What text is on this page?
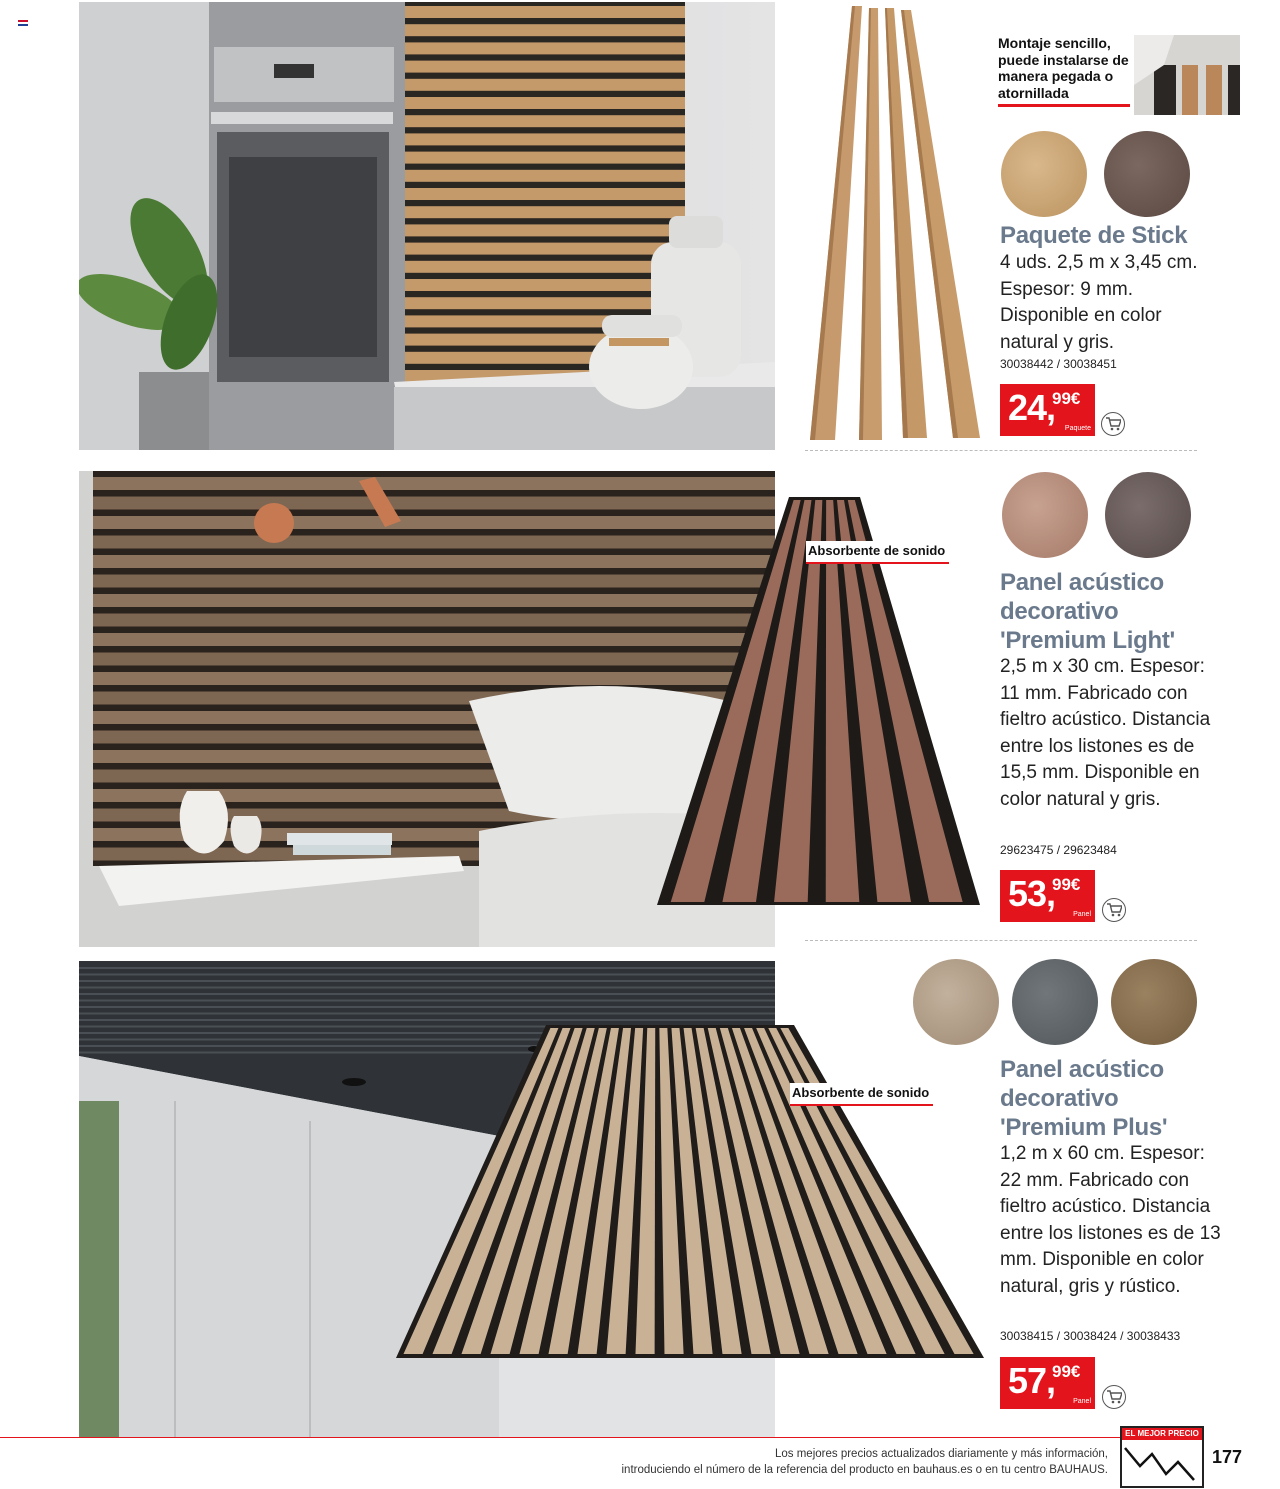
Montaje sencillo, puede instalarse de manera pegada o atornillada
Paquete de Stick
4 uds. 2,5 m x 3,45 cm. Espesor: 9 mm. Disponible en color natural y gris.
30038442 / 30038451
24,
99€
Paquete
Absorbente de sonido
Panel acústico decorativo 'Premium Light'
2,5 m x 30 cm. Espesor: 11 mm. Fabricado con fieltro acústico. Distancia entre los listones es de 15,5 mm. Disponible en color natural y gris.
29623475 / 29623484
53,
99€
Panel
Absorbente de sonido
Panel acústico decorativo 'Premium Plus'
1,2 m x 60 cm. Espesor: 22 mm. Fabricado con fieltro acústico. Distancia entre los listones es de 13 mm. Disponible en color natural, gris y rústico.
30038415 / 30038424 / 30038433
57,
99€
Panel
Los mejores precios actualizados diariamente y más información,
introduciendo el número de la referencia del producto en bauhaus.es o en tu centro BAUHAUS.
EL MEJOR PRECIO
177
